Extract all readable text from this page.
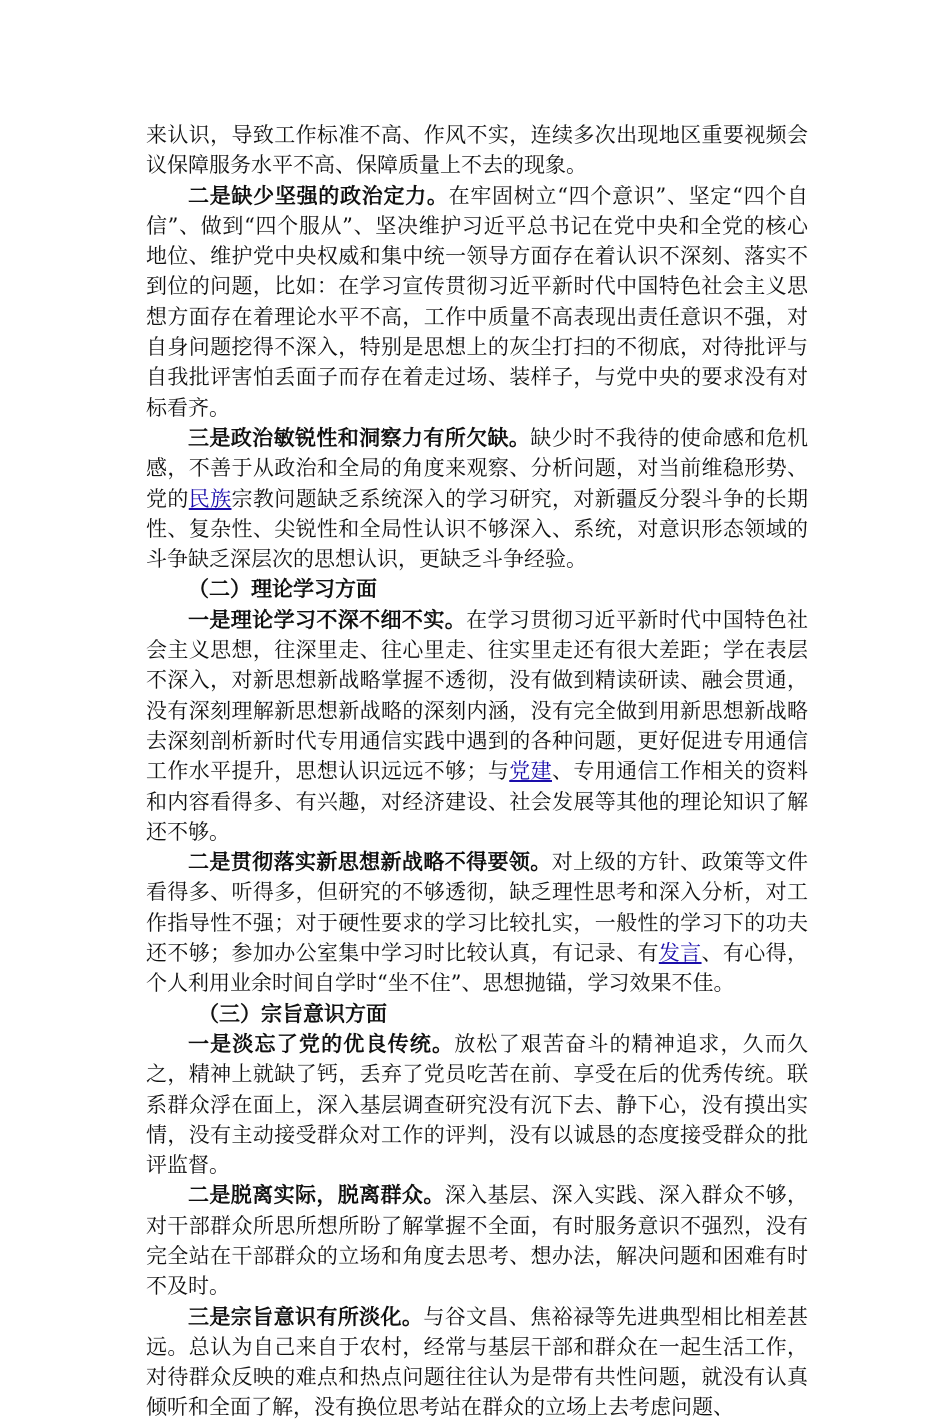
来认识，导致工作标准不高、作风不实，连续多次出现地区重要视频会议保障服务水平不高、保障质量上不去的现象。

二是缺少坚强的政治定力。在牢固树立“四个意识”、坚定“四个自信”、做到“四个服从”、坚决维护习近平总书记在党中央和全党的核心地位、维护党中央权威和集中统一领导方面存在着认识不深刻、落实不到位的问题，比如：在学习宣传贯彻习近平新时代中国特色社会主义思想方面存在着理论水平不高，工作中质量不高表现出责任意识不强，对自身问题挖得不深入，特别是思想上的灰尘打扫的不彻底，对待批评与自我批评害怕丢面子而存在着走过场、装样子，与党中央的要求没有对标看齐。

三是政治敏锐性和洞察力有所欠缺。缺少时不我待的使命感和危机感，不善于从政治和全局的角度来观察、分析问题，对当前维稳形势、党的民族宗教问题缺乏系统深入的学习研究，对新疆反分裂斗争的长期性、复杂性、尖锐性和全局性认识不够深入、系统，对意识形态领域的斗争缺乏深层次的思想认识，更缺乏斗争经验。

（二）理论学习方面

一是理论学习不深不细不实。在学习贯彻习近平新时代中国特色社会主义思想，往深里走、往心里走、往实里走还有很大差距；学在表层不深入，对新思想新战略掌握不透彻，没有做到精读研读、融会贯通，没有深刻理解新思想新战略的深刻内涵，没有完全做到用新思想新战略去深刻剖析新时代专用通信实践中遇到的各种问题，更好促进专用通信工作水平提升，思想认识远远不够；与党建、专用通信工作相关的资料和内容看得多、有兴趣，对经济建设、社会发展等其他的理论知识了解还不够。

二是贯彻落实新思想新战略不得要领。对上级的方针、政策等文件看得多、听得多，但研究的不够透彻，缺乏理性思考和深入分析，对工作指导性不强；对于硬性要求的学习比较扎实，一般性的学习下的功夫还不够；参加办公室集中学习时比较认真，有记录、有发言、有心得，个人利用业余时间自学时“坐不住”、思想抛锚，学习效果不佳。

（三）宗旨意识方面

一是淡忘了党的优良传统。放松了艰苦奋斗的精神追求，久而久之，精神上就缺了钙，丢弃了党员吃苦在前、享受在后的优秀传统。联系群众浮在面上，深入基层调查研究没有沉下去、静下心，没有摸出实情，没有主动接受群众对工作的评判，没有以诚恳的态度接受群众的批评监督。

二是脱离实际，脱离群众。深入基层、深入实践、深入群众不够，对干部群众所思所想所盼了解掌握不全面，有时服务意识不强烈，没有完全站在干部群众的立场和角度去思考、想办法，解决问题和困难有时不及时。

三是宗旨意识有所淡化。与谷文昌、焦裕禄等先进典型相比相差甚远。总认为自己来自于农村，经常与基层干部和群众在一起生活工作，对待群众反映的难点和热点问题往往认为是带有共性问题，就没有认真倾听和全面了解，没有换位思考站在群众的立场上去考虑问题、
